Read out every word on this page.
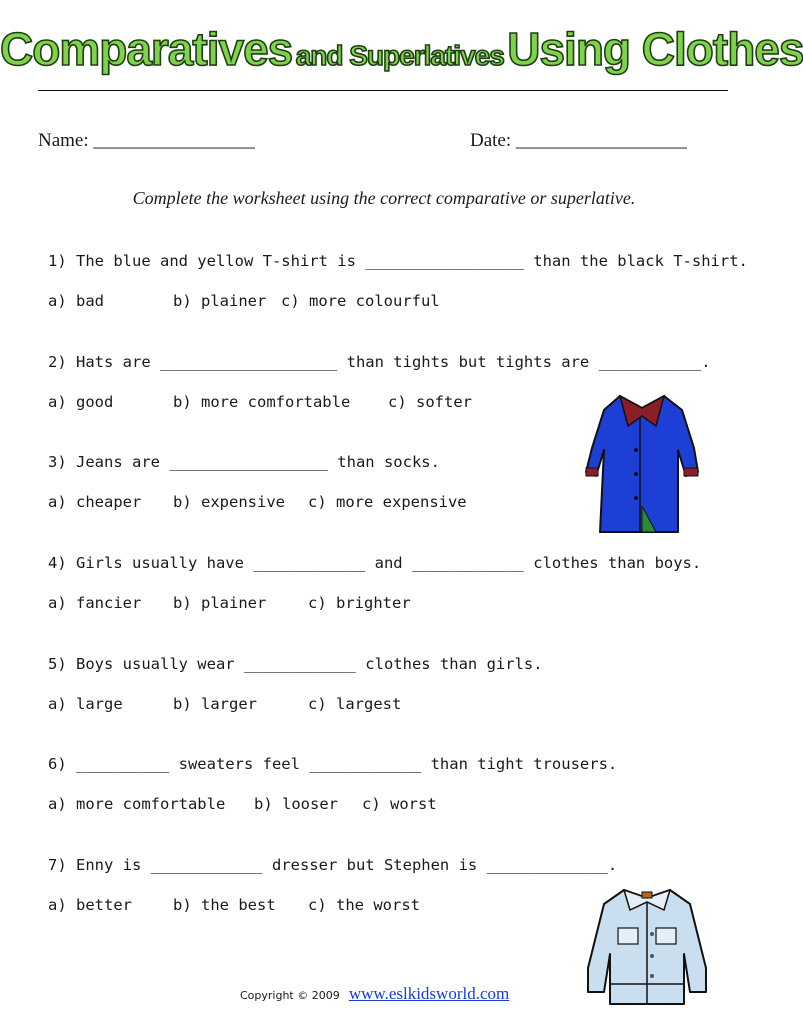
Comparatives and Superlatives Using Clothes
Name: _________________	Date: __________________
Complete the worksheet using the correct comparative or superlative.
1) The blue and yellow T-shirt is _________________ than the black T-shirt.
a) bad	b) plainer c) more colourful
2) Hats are ___________________ than tights but tights are ___________.
a) good	b) more comfortable c) softer
3) Jeans are _________________ than socks.
a) cheaper b) expensive c) more expensive
4) Girls usually have ____________ and ____________ clothes than boys.
a) fancier b) plainer	c) brighter
5) Boys usually wear ____________ clothes than girls.
a) large	b) larger	c) largest
6) __________ sweaters feel ____________ than tight trousers.
a) more comfortable b) looser c) worst
7) Enny is ____________ dresser but Stephen is _____________.
a) better	b) the best c) the worst
Copyright © 2009 www.eslkidsworld.com
